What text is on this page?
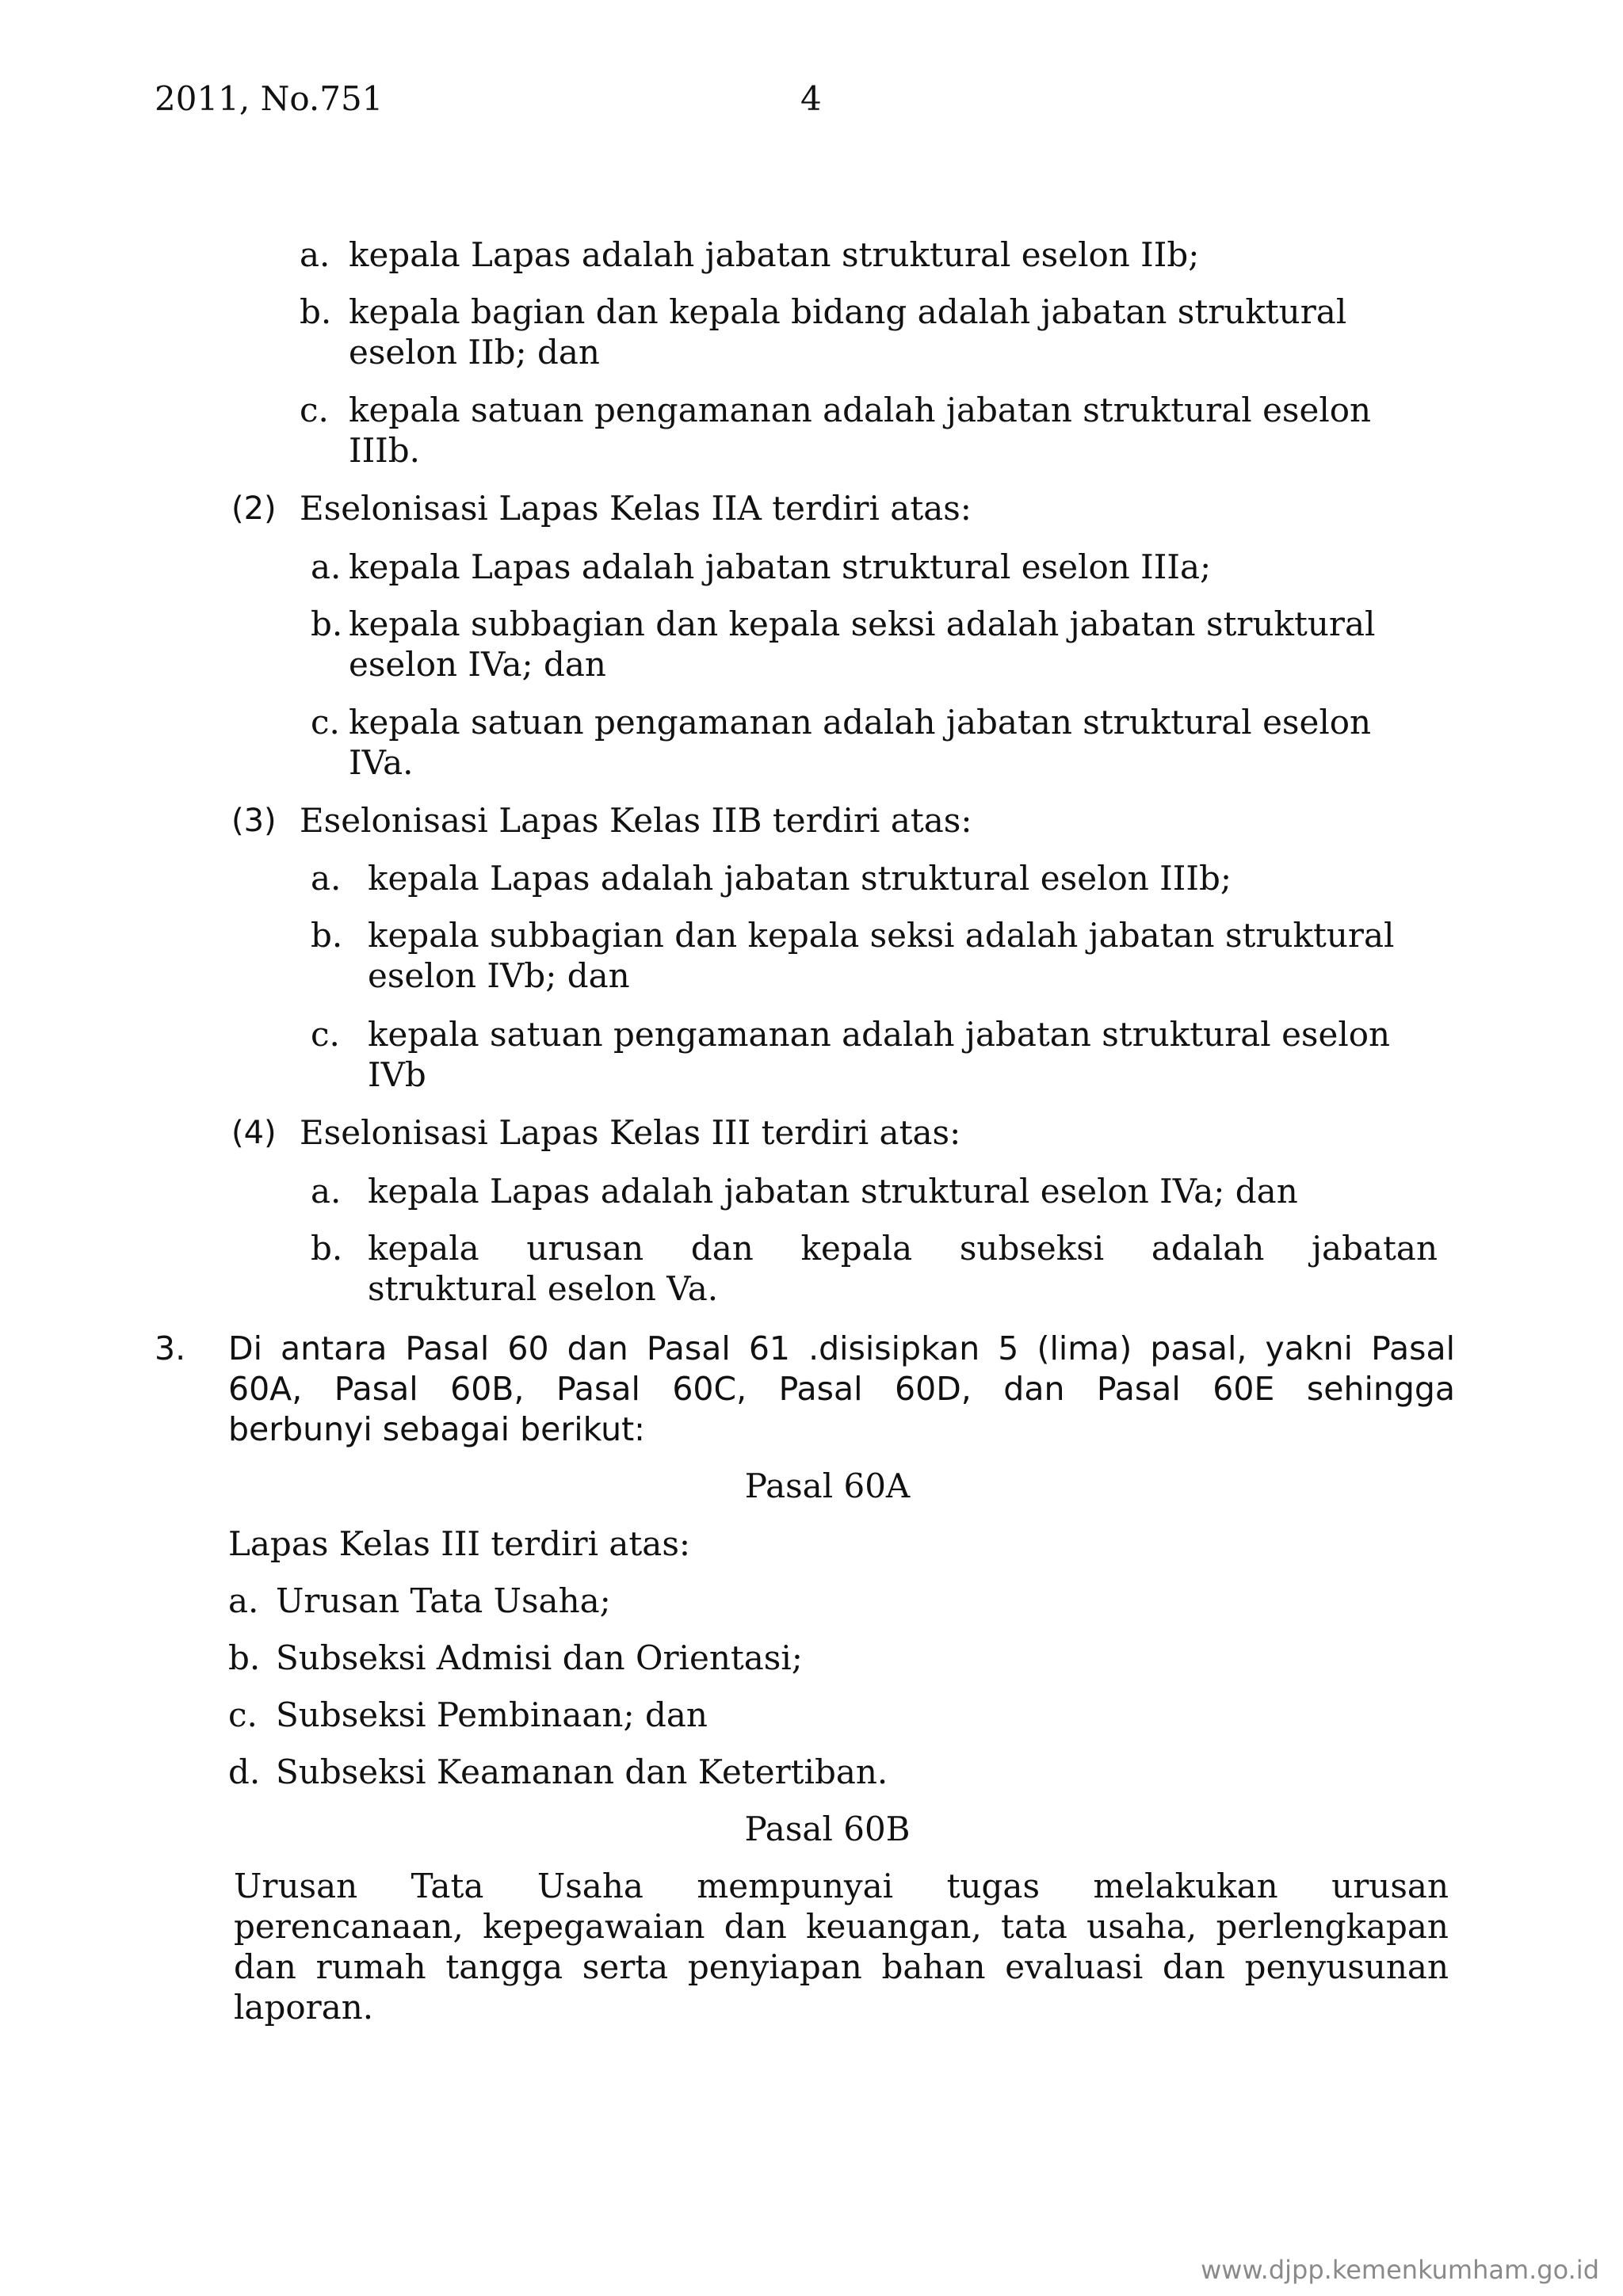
2011, No.751	4
a. kepala Lapas adalah jabatan struktural eselon IIb;
b. kepala bagian dan kepala bidang adalah jabatan struktural
eselon IIb; dan
c. kepala satuan pengamanan adalah jabatan struktural eselon
IIIb.
(2) Eselonisasi Lapas Kelas IIA terdiri atas:
a. kepala Lapas adalah jabatan struktural eselon IIIa;
b. kepala subbagian dan kepala seksi adalah jabatan struktural
eselon IVa; dan
c. kepala satuan pengamanan adalah jabatan struktural eselon
IVa.
(3) Eselonisasi Lapas Kelas IIB terdiri atas:
a. kepala Lapas adalah jabatan struktural eselon IIIb;
b. kepala subbagian dan kepala seksi adalah jabatan struktural
eselon IVb; dan
c. kepala satuan pengamanan adalah jabatan struktural eselon
IVb
(4) Eselonisasi Lapas Kelas III terdiri atas:
a. kepala Lapas adalah jabatan struktural eselon IVa; dan
b. kepala urusan dan kepala subseksi adalah jabatan
struktural eselon Va.
3. Di antara Pasal 60 dan Pasal 61 .disisipkan 5 (lima) pasal, yakni Pasal
60A, Pasal 60B, Pasal 60C, Pasal 60D, dan Pasal 60E sehingga
berbunyi sebagai berikut:
Pasal 60A
Lapas Kelas III terdiri atas:
a. Urusan Tata Usaha;
b. Subseksi Admisi dan Orientasi;
c. Subseksi Pembinaan; dan
d. Subseksi Keamanan dan Ketertiban.
Pasal 60B
Urusan Tata Usaha mempunyai tugas melakukan urusan
perencanaan, kepegawaian dan keuangan, tata usaha, perlengkapan
dan rumah tangga serta penyiapan bahan evaluasi dan penyusunan
laporan.
www.djpp.kemenkumham.go.id
